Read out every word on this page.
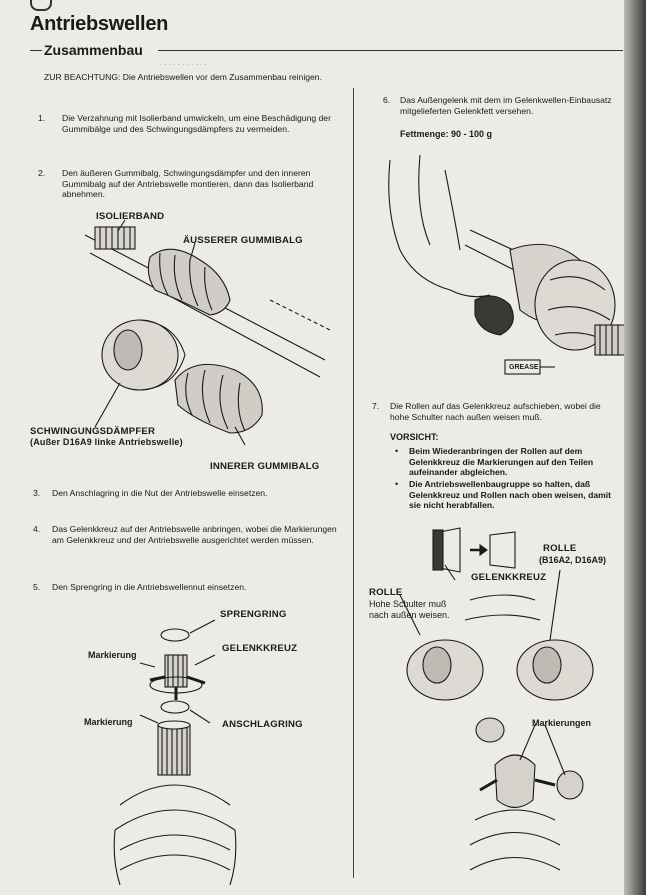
Antriebswellen
Zusammenbau
. . . . . . . . . . .
ZUR BEACHTUNG: Die Antriebswellen vor dem Zusammenbau reinigen.
1. Die Verzahnung mit Isolierband umwickeln, um eine Beschädigung der Gummibälge und des Schwingungsdämpfers zu vermeiden.
2. Den äußeren Gummibalg, Schwingungsdämpfer und den inneren Gummibalg auf der Antriebswelle montieren, dann das Isolierband abnehmen.
ISOLIERBAND
ÄUSSERER GUMMIBALG
SCHWINGUNGSDÄMPFER
(Außer D16A9 linke Antriebswelle)
INNERER GUMMIBALG
3. Den Anschlagring in die Nut der Antriebswelle einsetzen.
4. Das Gelenkkreuz auf der Antriebswelle anbringen, wobei die Markierungen am Gelenkkreuz und der Antriebswelle ausgerichtet werden müssen.
5. Den Sprengring in die Antriebswellennut einsetzen.
SPRENGRING
GELENKKREUZ
Markierung
Markierung	ANSCHLAGRING
6. Das Außengelenk mit dem im Gelenkwellen-Einbausatz mitgelieferten Gelenkfett versehen.
Fettmenge: 90 - 100 g
GREASE
7. Die Rollen auf das Gelenkkreuz aufschieben, wobei die hohe Schulter nach außen weisen muß.
VORSICHT:
• Beim Wiederanbringen der Rollen auf dem Gelenkkreuz die Markierungen auf den Teilen aufeinander abgleichen.
• Die Antriebswellenbaugruppe so halten, daß Gelenkkreuz und Rollen nach oben weisen, damit sie nicht herabfallen.
ROLLE
(B16A2, D16A9)
GELENKKREUZ
ROLLE
Hohe Schulter muß nach außen weisen.
Markierungen
